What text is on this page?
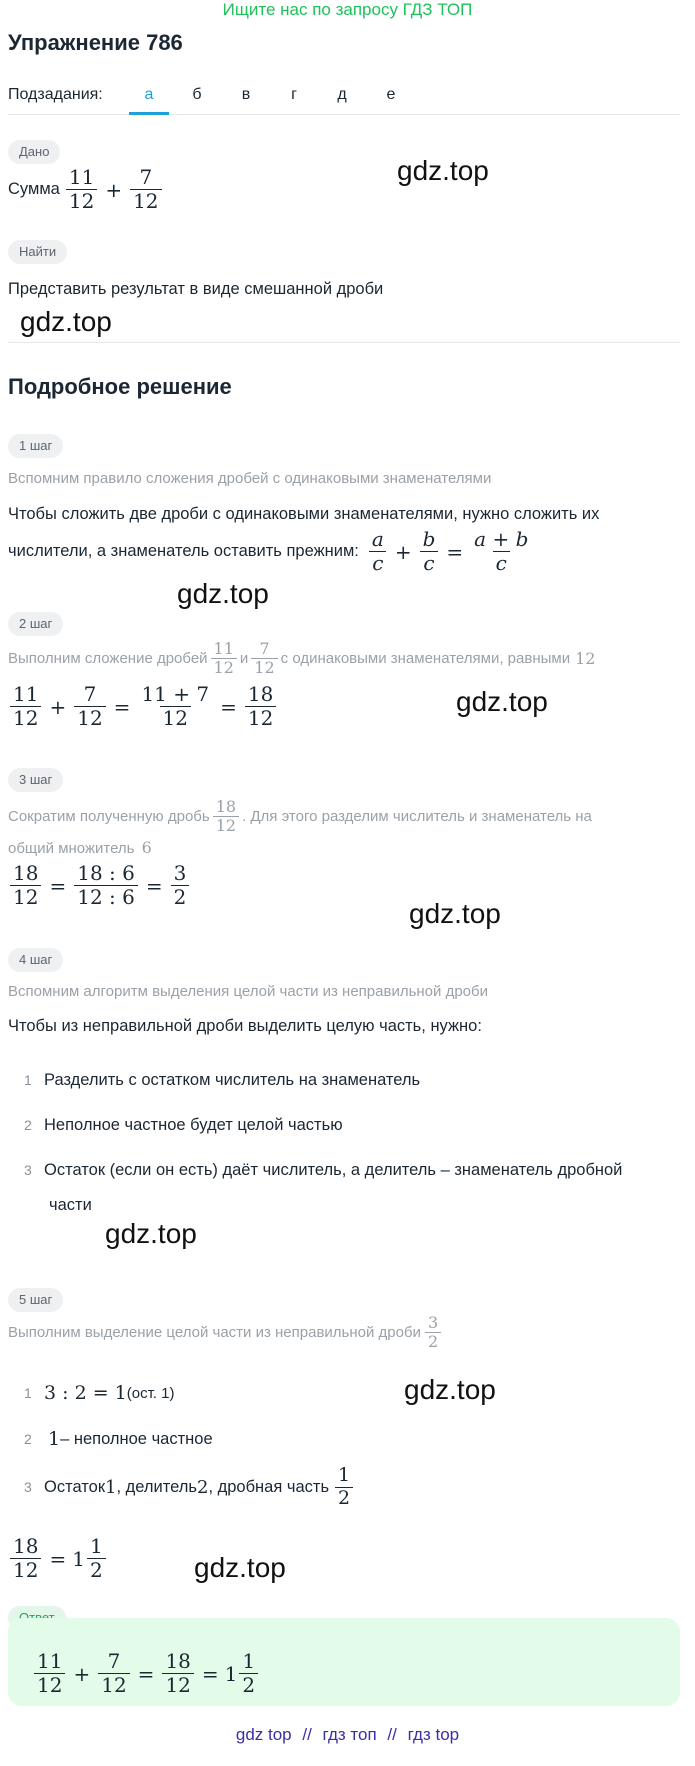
Ищите нас по запросу ГДЗ ТОП
Упражнение 786
Подзадания:	а	б	в	г	д	е
Дано
Сумма $\frac{11}{12} + \frac{7}{12}$	gdz.top
Найти
Представить результат в виде смешанной дроби
gdz.top
Подробное решение
1 шаг
Вспомним правило сложения дробей с одинаковыми знаменателями
Чтобы сложить две дроби с одинаковыми знаменателями, нужно сложить их
числители, а знаменатель оставить прежним: $\frac{a}{c} + \frac{b}{c} = \frac{a + b}{c}$
gdz.top
2 шаг
Выполним сложение дробей $\frac{11}{12}$ и $\frac{7}{12}$ с одинаковыми знаменателями, равными 12
$\frac{11}{12} + \frac{7}{12} = \frac{11 + 7}{12} = \frac{18}{12}$	gdz.top
3 шаг
Сократим полученную дробь $\frac{18}{12}$ . Для этого разделим числитель и знаменатель на
общий множитель 6
$\frac{18}{12} = \frac{18 : 6}{12 : 6} = \frac{3}{2}$
gdz.top
4 шаг
Вспомним алгоритм выделения целой части из неправильной дроби
Чтобы из неправильной дроби выделить целую часть, нужно:
1 Разделить с остатком числитель на знаменатель
2 Неполное частное будет целой частью
3 Остаток (если он есть) даёт числитель, а делитель – знаменатель дробной
части
gdz.top
5 шаг
Выполним выделение целой части из неправильной дроби $\frac{3}{2}$
1 3 : 2 = 1 (ост. 1)	gdz.top
2 1 – неполное частное
3 Остаток 1 , делитель 2 , дробная часть $\frac{1}{2}$
$\frac{18}{12} = 1 \frac{1}{2}$	gdz.top
$\frac{11}{12} + \frac{7}{12} = \frac{18}{12} = 1 \frac{1}{2}$
gdz top // гдз топ // гдз top
